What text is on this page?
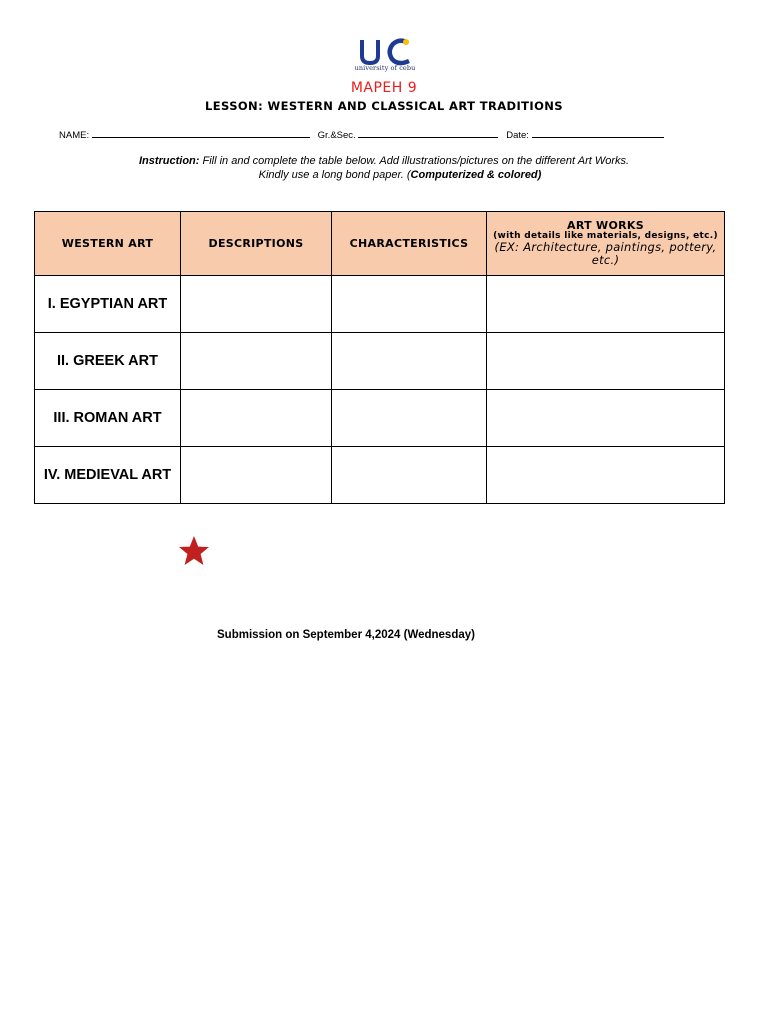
university of cebu
MAPEH 9
LESSON: WESTERN AND CLASSICAL ART TRADITIONS
NAME:	Gr.&Sec.	Date:
Instruction: Fill in and complete the table below. Add illustrations/pictures on the different Art Works.
Kindly use a long bond paper. (Computerized & colored)
WESTERN ART	DESCRIPTIONS	CHARACTERISTICS	ART WORKS
(with details like materials, designs, etc.)
(EX: Architecture, paintings, pottery, etc.)

I. EGYPTIAN ART			
II. GREEK ART			
III. ROMAN ART			
IV. MEDIEVAL ART			
Submission on September 4,2024 (Wednesday)
